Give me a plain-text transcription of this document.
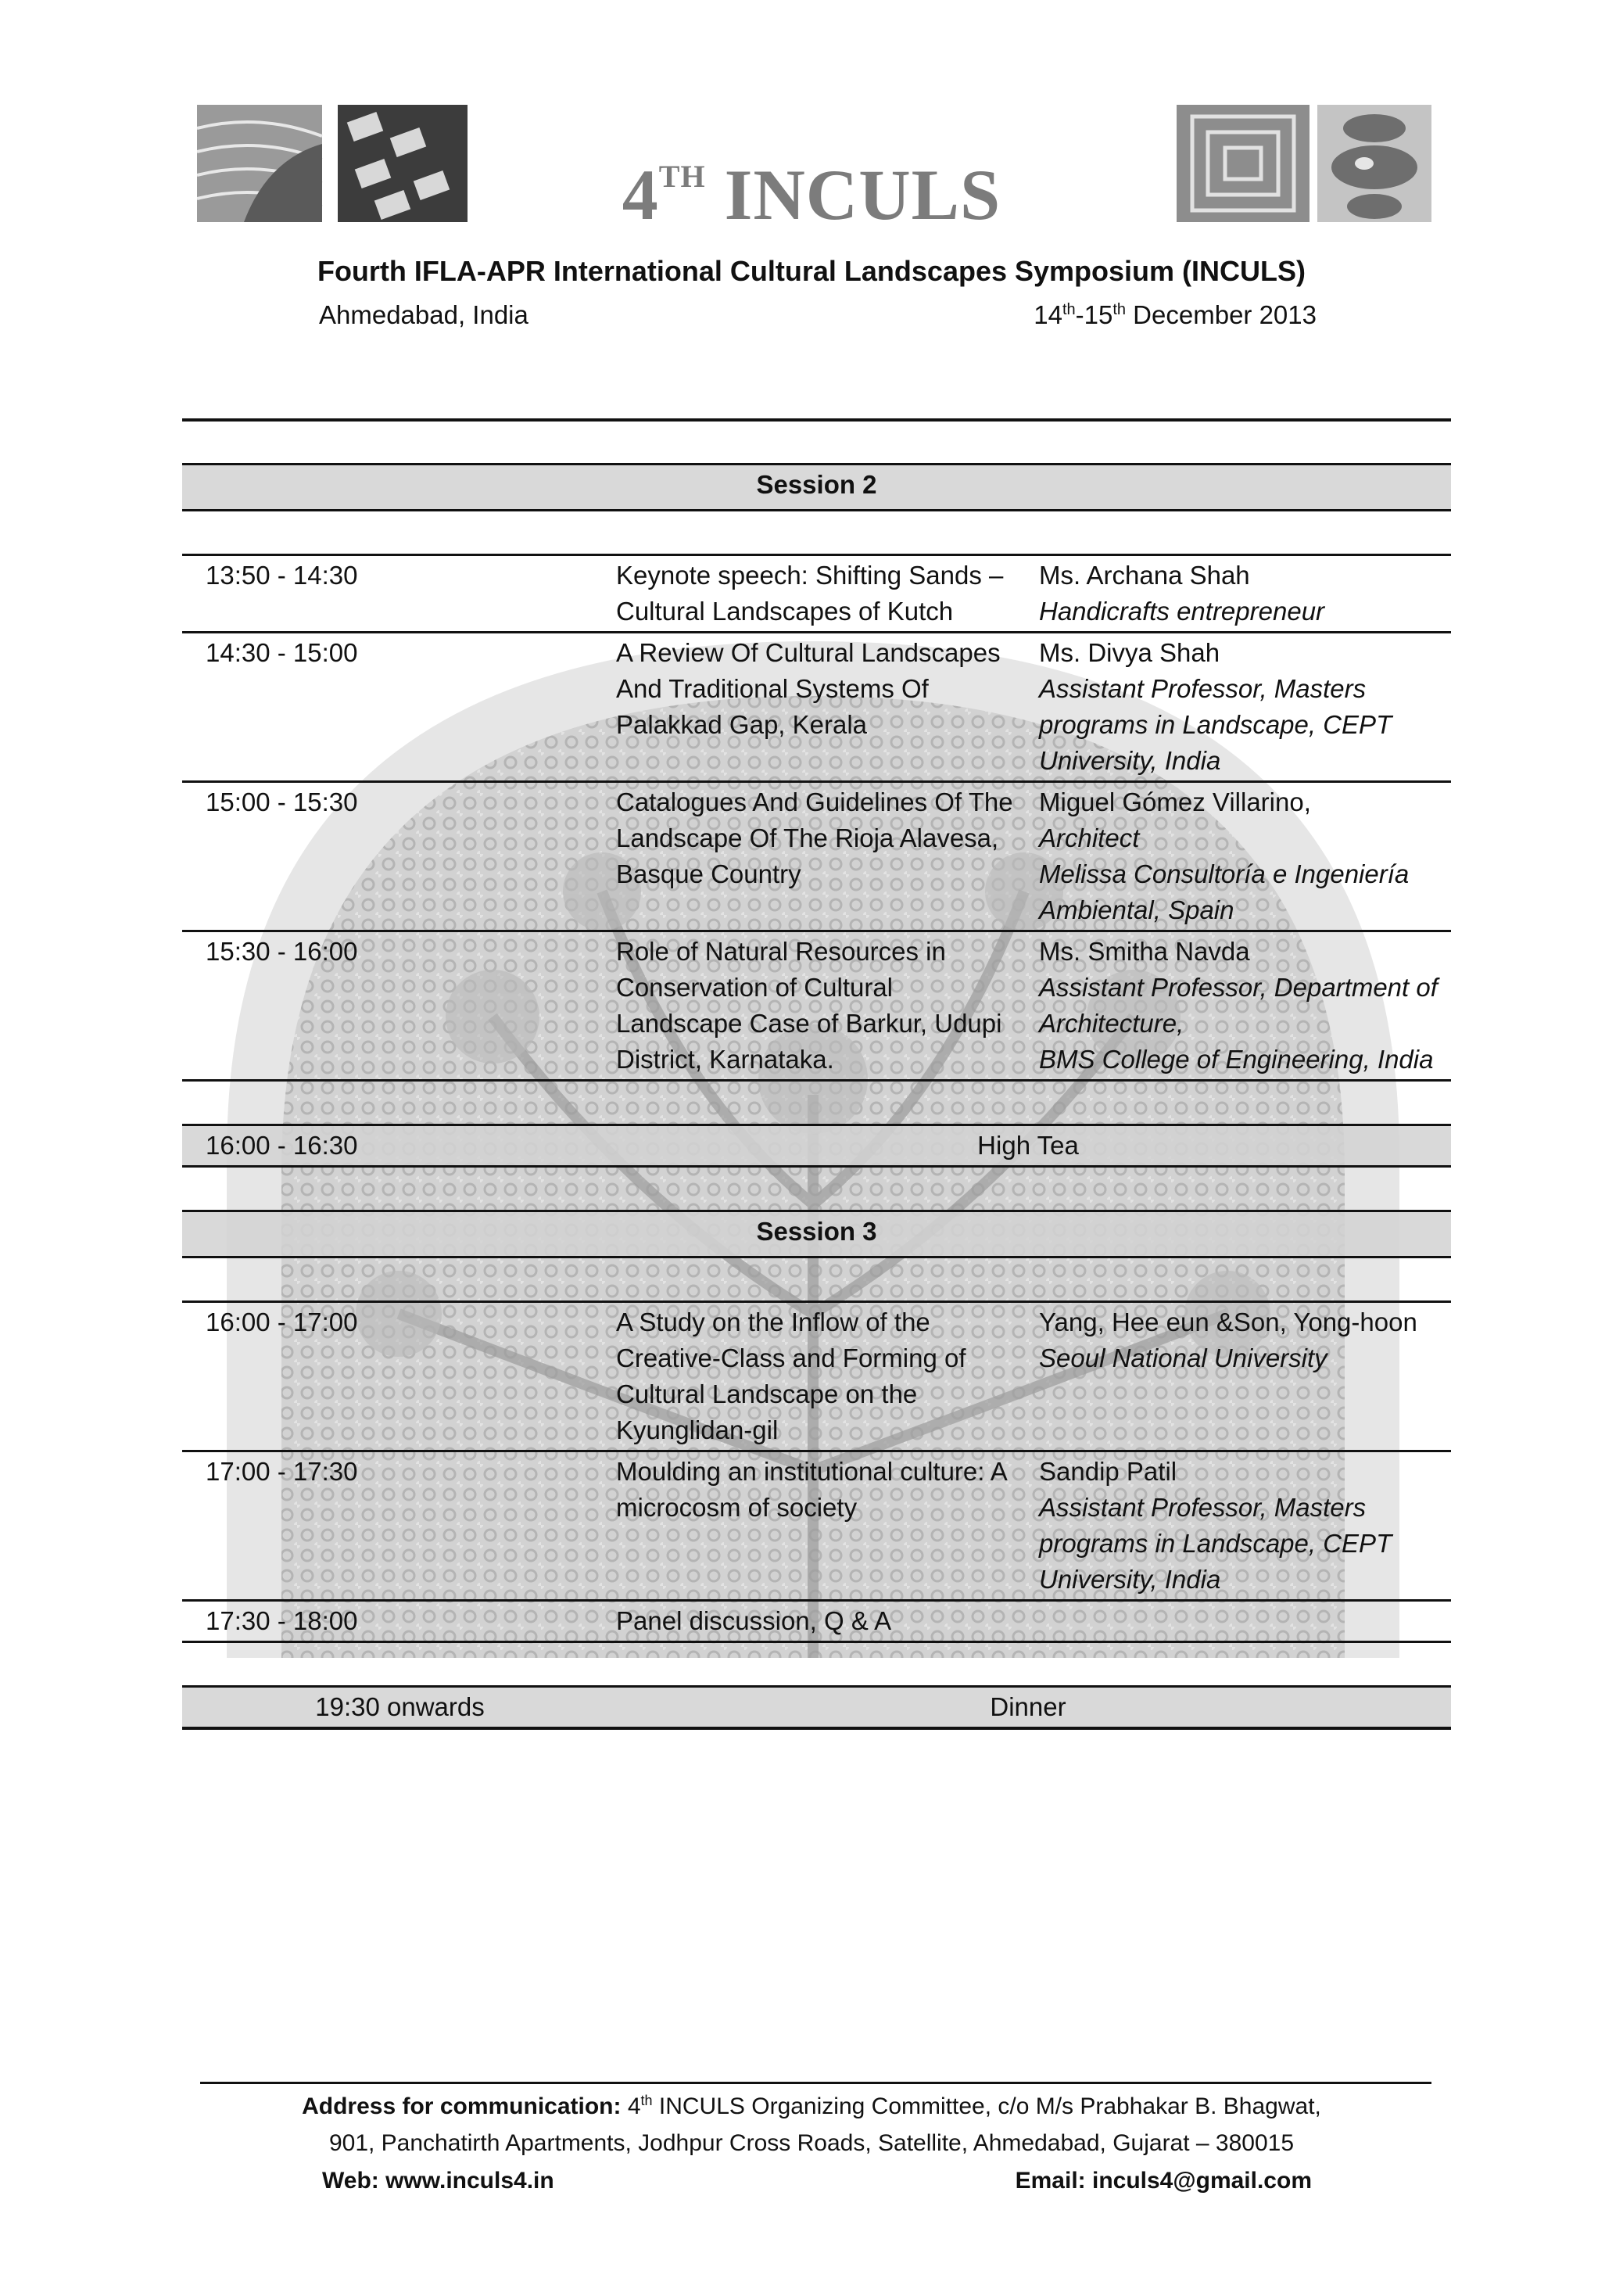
4TH INCULS
Fourth IFLA-APR International Cultural Landscapes Symposium (INCULS)
Ahmedabad, India	14th-15th December 2013
Session 2		

13:50 - 14:30	Keynote speech: Shifting Sands – Cultural Landscapes of Kutch	Ms. Archana Shah
Handicrafts entrepreneur

14:30 - 15:00	A Review Of Cultural Landscapes And Traditional Systems Of Palakkad Gap, Kerala	Ms. Divya Shah
Assistant Professor, Masters programs in Landscape, CEPT University, India

15:00 - 15:30	Catalogues And Guidelines Of The Landscape Of The Rioja Alavesa, Basque Country	Miguel Gómez Villarino,
Architect
Melissa Consultoría e Ingeniería Ambiental, Spain

15:30 - 16:00	Role of Natural Resources in Conservation of Cultural Landscape Case of Barkur, Udupi District, Karnataka.	Ms. Smitha Navda
Assistant Professor, Department of Architecture,
BMS College of Engineering, India

16:00 - 16:30	High Tea	

Session 3		

16:00 - 17:00	A Study on the Inflow of the Creative-Class and Forming of Cultural Landscape on the Kyunglidan-gil	Yang, Hee eun &Son, Yong-hoon
Seoul National University

17:00 - 17:30	Moulding an institutional culture: A microcosm of society	Sandip Patil
Assistant Professor, Masters programs in Landscape, CEPT University, India

17:30 - 18:00	Panel discussion, Q & A	

19:30 onwards	Dinner	
Address for communication: 4th INCULS Organizing Committee, c/o M/s Prabhakar B. Bhagwat,
901, Panchatirth Apartments, Jodhpur Cross Roads, Satellite, Ahmedabad, Gujarat – 380015
Web: www.inculs4.in	Email: inculs4@gmail.com
